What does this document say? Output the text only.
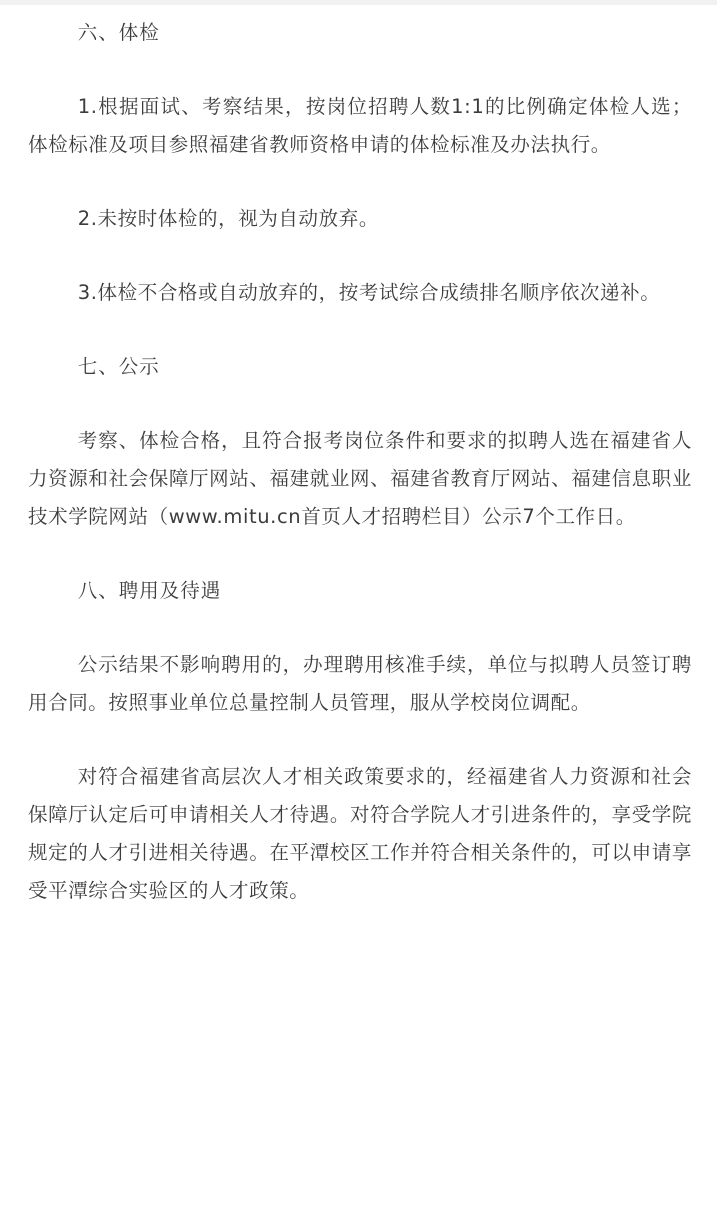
六、体检

1.根据面试、考察结果，按岗位招聘人数1:1的比例确定体检人选；体检标准及项目参照福建省教师资格申请的体检标准及办法执行。

2.未按时体检的，视为自动放弃。

3.体检不合格或自动放弃的，按考试综合成绩排名顺序依次递补。

七、公示

考察、体检合格，且符合报考岗位条件和要求的拟聘人选在福建省人力资源和社会保障厅网站、福建就业网、福建省教育厅网站、福建信息职业技术学院网站（www.mitu.cn首页人才招聘栏目）公示7个工作日。

八、聘用及待遇

公示结果不影响聘用的，办理聘用核准手续，单位与拟聘人员签订聘用合同。按照事业单位总量控制人员管理，服从学校岗位调配。

对符合福建省高层次人才相关政策要求的，经福建省人力资源和社会保障厅认定后可申请相关人才待遇。对符合学院人才引进条件的，享受学院规定的人才引进相关待遇。在平潭校区工作并符合相关条件的，可以申请享受平潭综合实验区的人才政策。
